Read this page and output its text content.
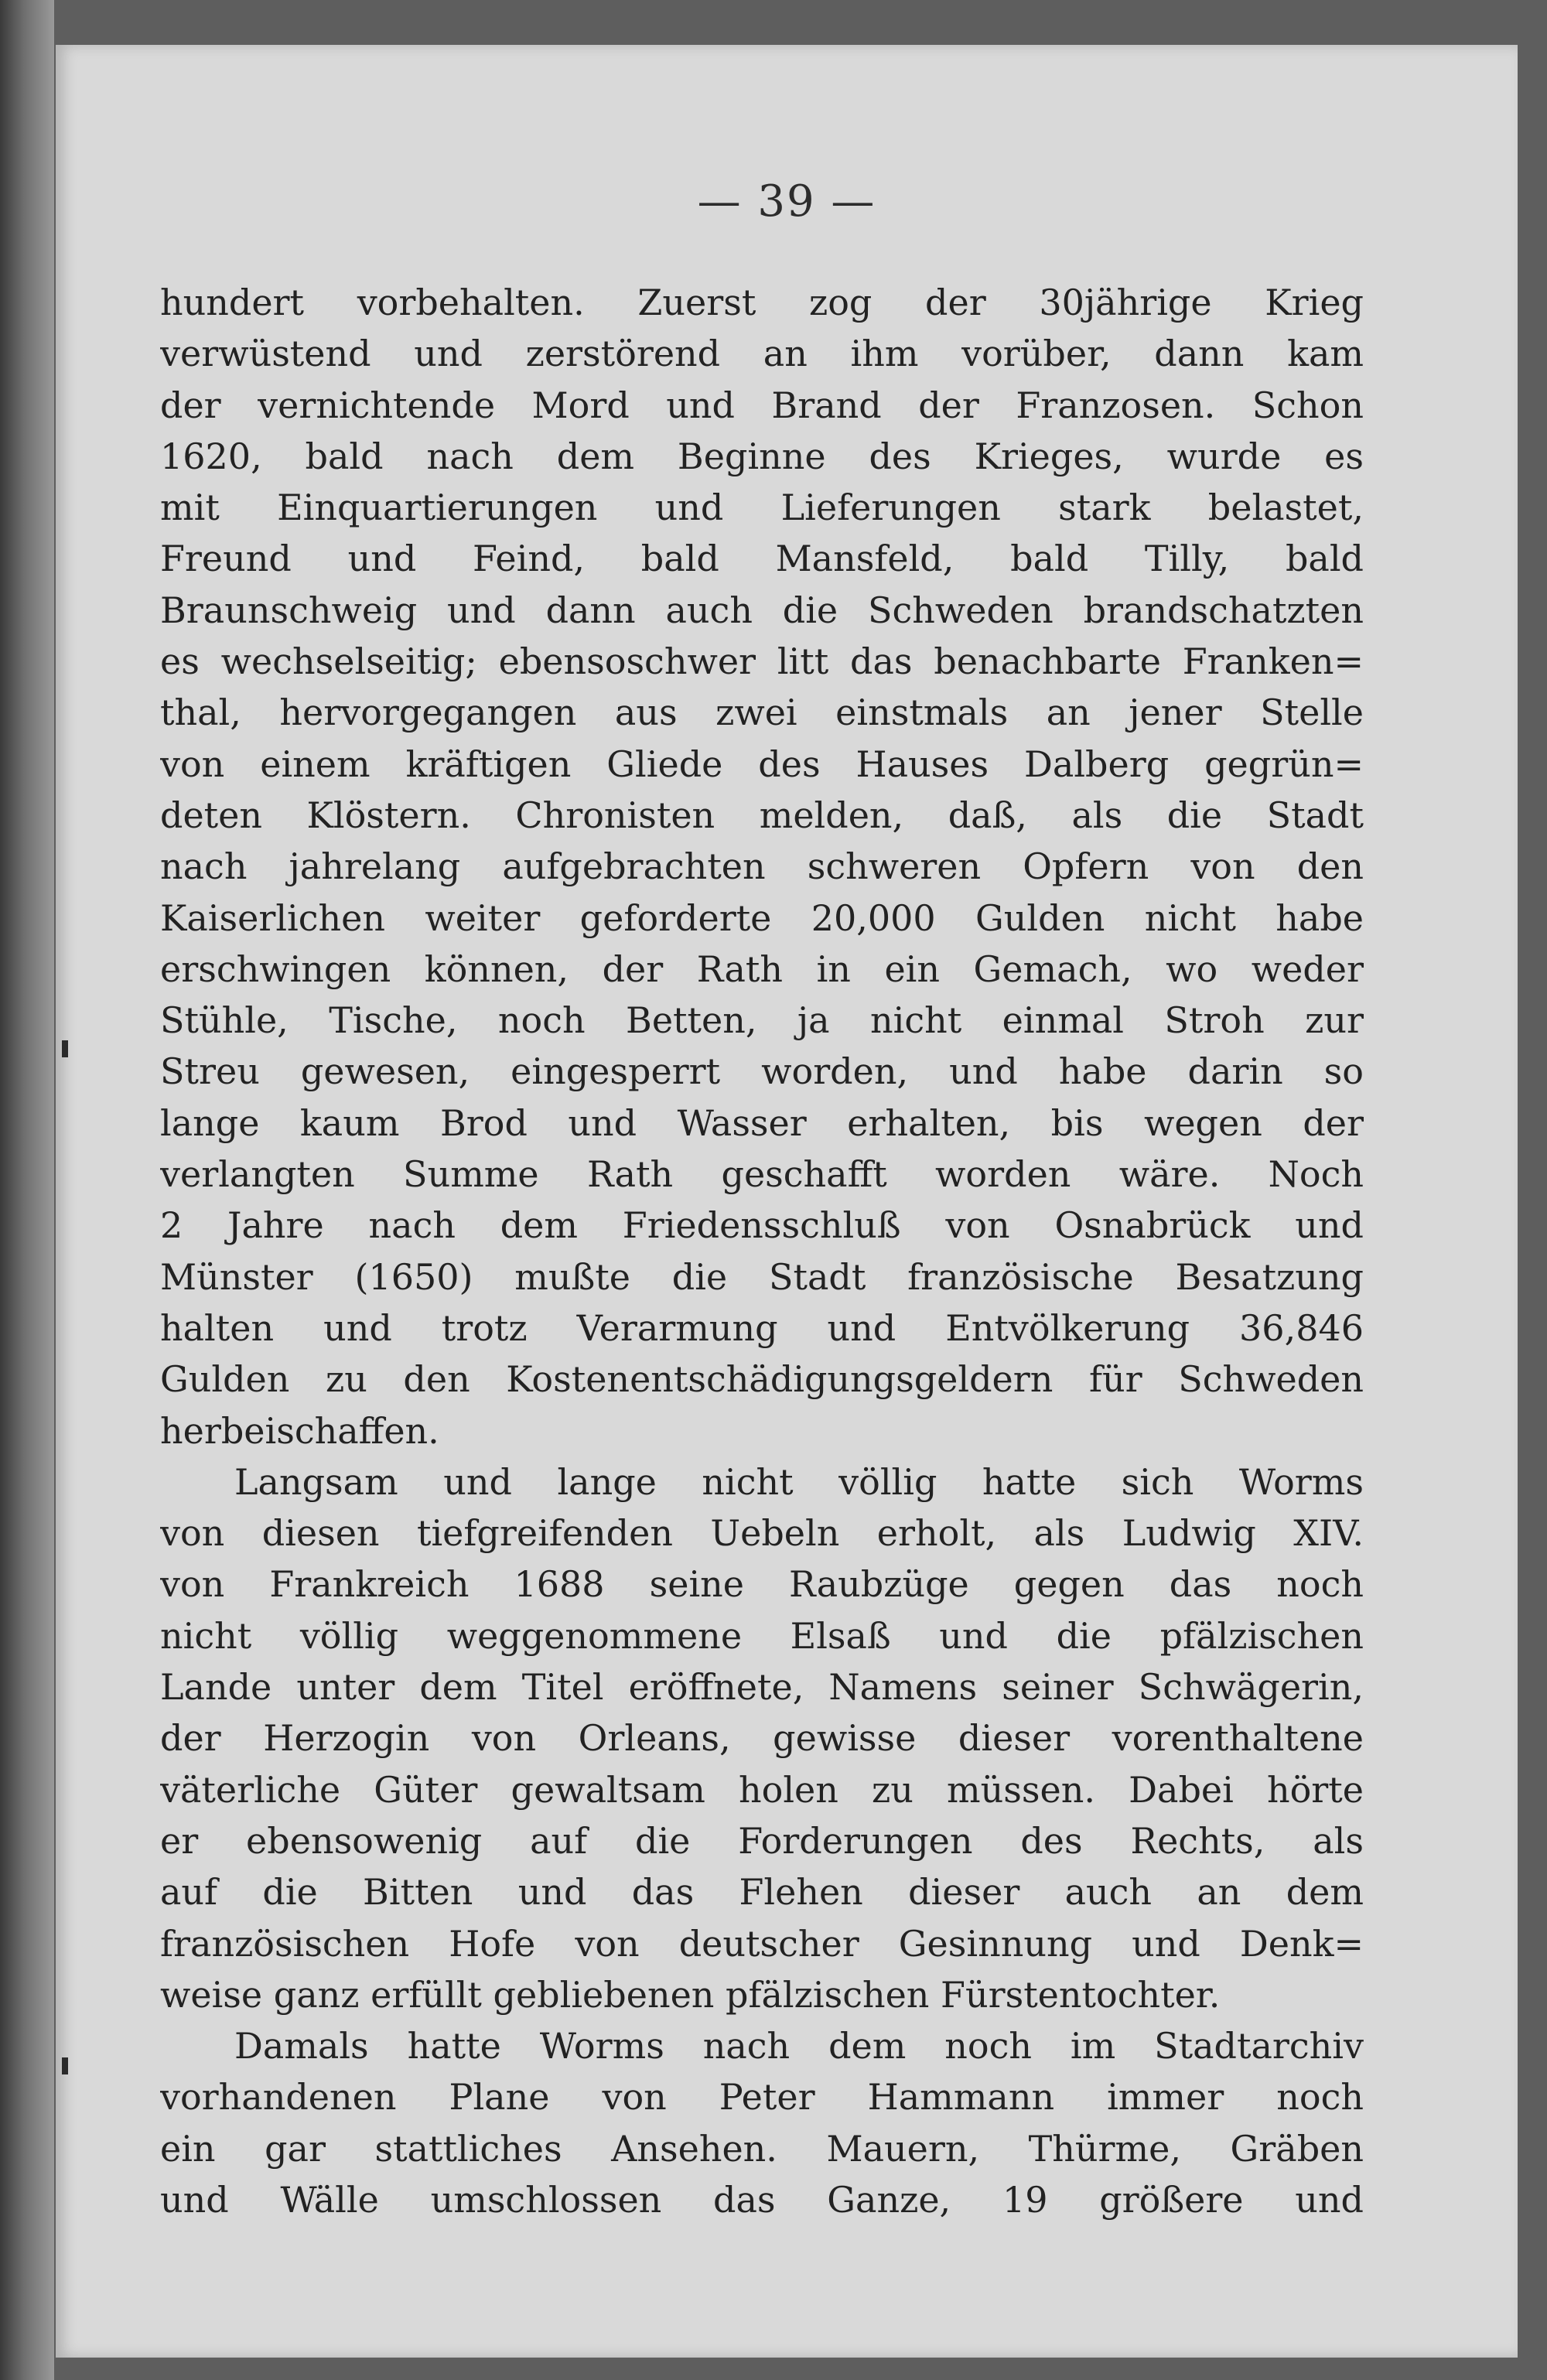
— 39 —
hundert vorbehalten. Zuerst zog der 30jährige Krieg
verwüstend und zerstörend an ihm vorüber, dann kam
der vernichtende Mord und Brand der Franzosen. Schon
1620, bald nach dem Beginne des Krieges, wurde es
mit Einquartierungen und Lieferungen stark belastet,
Freund und Feind, bald Mansfeld, bald Tilly, bald
Braunschweig und dann auch die Schweden brandschatzten
es wechselseitig; ebensoschwer litt das benachbarte Franken=
thal, hervorgegangen aus zwei einstmals an jener Stelle
von einem kräftigen Gliede des Hauses Dalberg gegrün=
deten Klöstern. Chronisten melden, daß, als die Stadt
nach jahrelang aufgebrachten schweren Opfern von den
Kaiserlichen weiter geforderte 20,000 Gulden nicht habe
erschwingen können, der Rath in ein Gemach, wo weder
Stühle, Tische, noch Betten, ja nicht einmal Stroh zur
Streu gewesen, eingesperrt worden, und habe darin so
lange kaum Brod und Wasser erhalten, bis wegen der
verlangten Summe Rath geschafft worden wäre. Noch
2 Jahre nach dem Friedensschluß von Osnabrück und
Münster (1650) mußte die Stadt französische Besatzung
halten und trotz Verarmung und Entvölkerung 36,846
Gulden zu den Kostenentschädigungsgeldern für Schweden
herbeischaffen.
Langsam und lange nicht völlig hatte sich Worms
von diesen tiefgreifenden Uebeln erholt, als Ludwig XIV.
von Frankreich 1688 seine Raubzüge gegen das noch
nicht völlig weggenommene Elsaß und die pfälzischen
Lande unter dem Titel eröffnete, Namens seiner Schwägerin,
der Herzogin von Orleans, gewisse dieser vorenthaltene
väterliche Güter gewaltsam holen zu müssen. Dabei hörte
er ebensowenig auf die Forderungen des Rechts, als
auf die Bitten und das Flehen dieser auch an dem
französischen Hofe von deutscher Gesinnung und Denk=
weise ganz erfüllt gebliebenen pfälzischen Fürstentochter.
Damals hatte Worms nach dem noch im Stadtarchiv
vorhandenen Plane von Peter Hammann immer noch
ein gar stattliches Ansehen. Mauern, Thürme, Gräben
und Wälle umschlossen das Ganze, 19 größere und
